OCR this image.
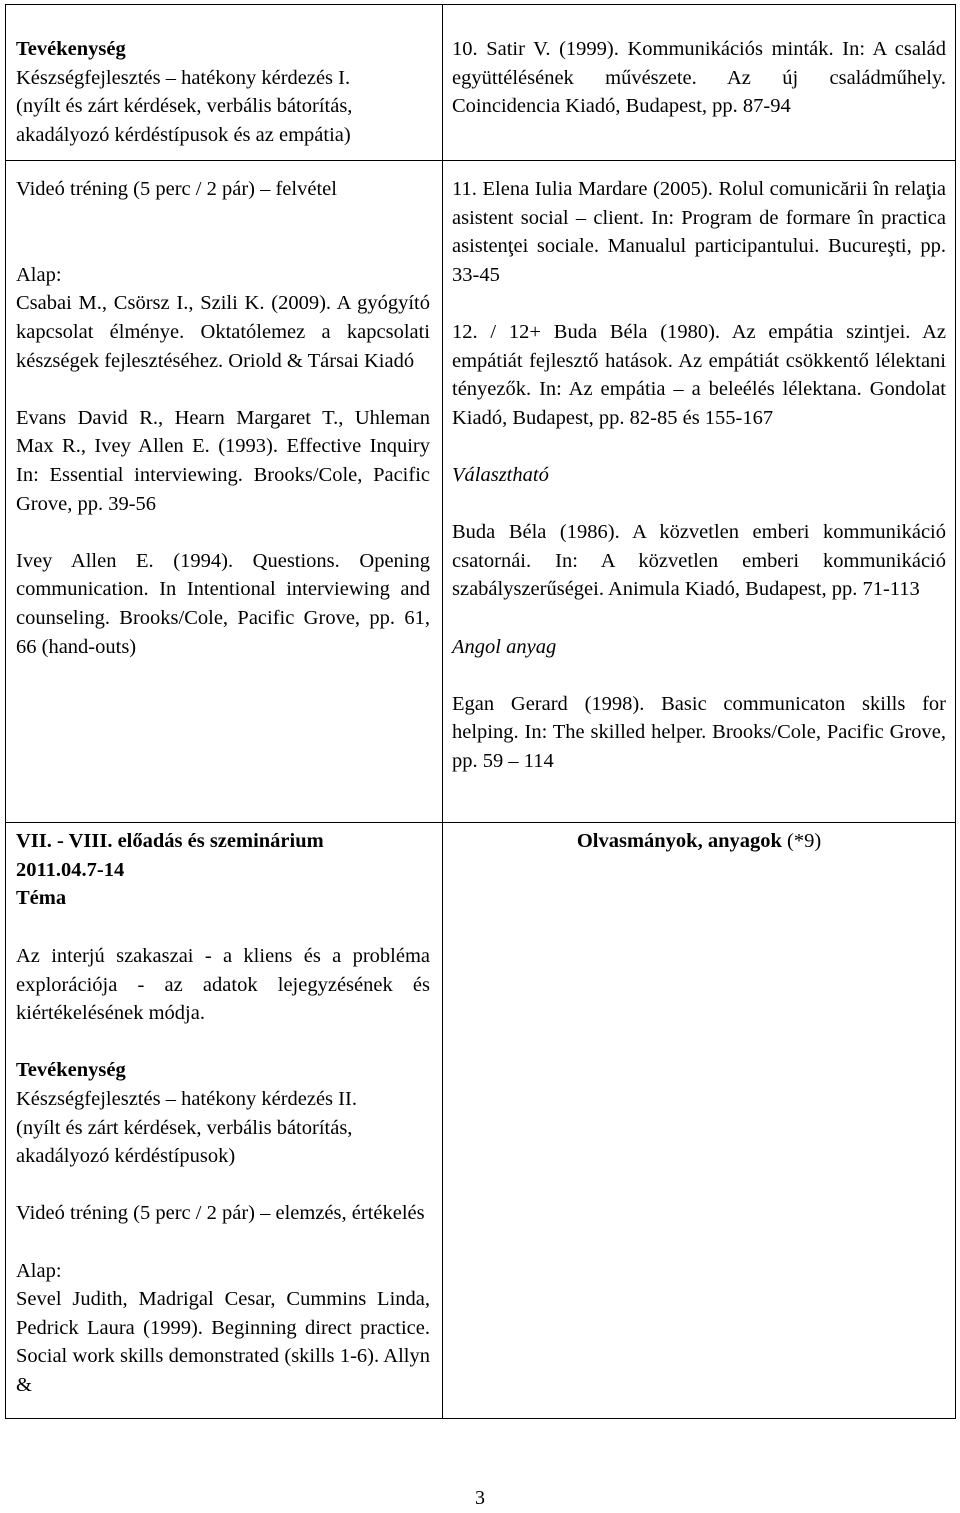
Tevékenység

Készségfejlesztés – hatékony kérdezés I.

(nyílt és zárt kérdések, verbális bátorítás,

akadályozó kérdéstípusok és az empátia)

Videó tréning (5 perc / 2 pár) – felvétel

Alap:

Csabai M., Csörsz I., Szili K. (2009). A gyógyító kapcsolat élménye. Oktatólemez a kapcsolati készségek fejlesztéséhez. Oriold & Társai Kiadó

Evans David R., Hearn Margaret T., Uhleman Max R., Ivey Allen E. (1993). Effective Inquiry In: Essential interviewing. Brooks/Cole, Pacific Grove, pp. 39-56

Ivey Allen E. (1994). Questions. Opening communication. In Intentional interviewing and counseling. Brooks/Cole, Pacific Grove, pp. 61, 66 (hand-outs)

VII. - VIII. előadás és szeminárium

2011.04.7-14

Téma

Az interjú szakaszai - a kliens és a probléma explorációja - az adatok lejegyzésének és kiértékelésének módja.

Tevékenység

Készségfejlesztés – hatékony kérdezés II.

(nyílt és zárt kérdések, verbális bátorítás,

akadályozó kérdéstípusok)

Videó tréning (5 perc / 2 pár) – elemzés, értékelés

Alap:

Sevel Judith, Madrigal Cesar, Cummins Linda, Pedrick Laura (1999). Beginning direct practice. Social work skills demonstrated (skills 1-6). Allyn &

10. Satir V. (1999). Kommunikációs minták. In: A család együttélésének művészete. Az új családműhely. Coincidencia Kiadó, Budapest, pp. 87-94

11. Elena Iulia Mardare (2005). Rolul comunicării în relaţia asistent social – client. In: Program de formare în practica asistenţei sociale. Manualul participantului. Bucureşti, pp. 33-45

12. / 12+ Buda Béla (1980). Az empátia szintjei. Az empátiát fejlesztő hatások. Az empátiát csökkentő lélektani tényezők. In: Az empátia – a beleélés lélektana. Gondolat Kiadó, Budapest, pp. 82-85 és 155-167

Választható

Buda Béla (1986). A közvetlen emberi kommunikáció csatornái. In: A közvetlen emberi kommunikáció szabályszerűségei. Animula Kiadó, Budapest, pp. 71-113

Angol anyag

Egan Gerard (1998). Basic communicaton skills for helping. In: The skilled helper. Brooks/Cole, Pacific Grove, pp. 59 – 114

Olvasmányok, anyagok (*9)

3
